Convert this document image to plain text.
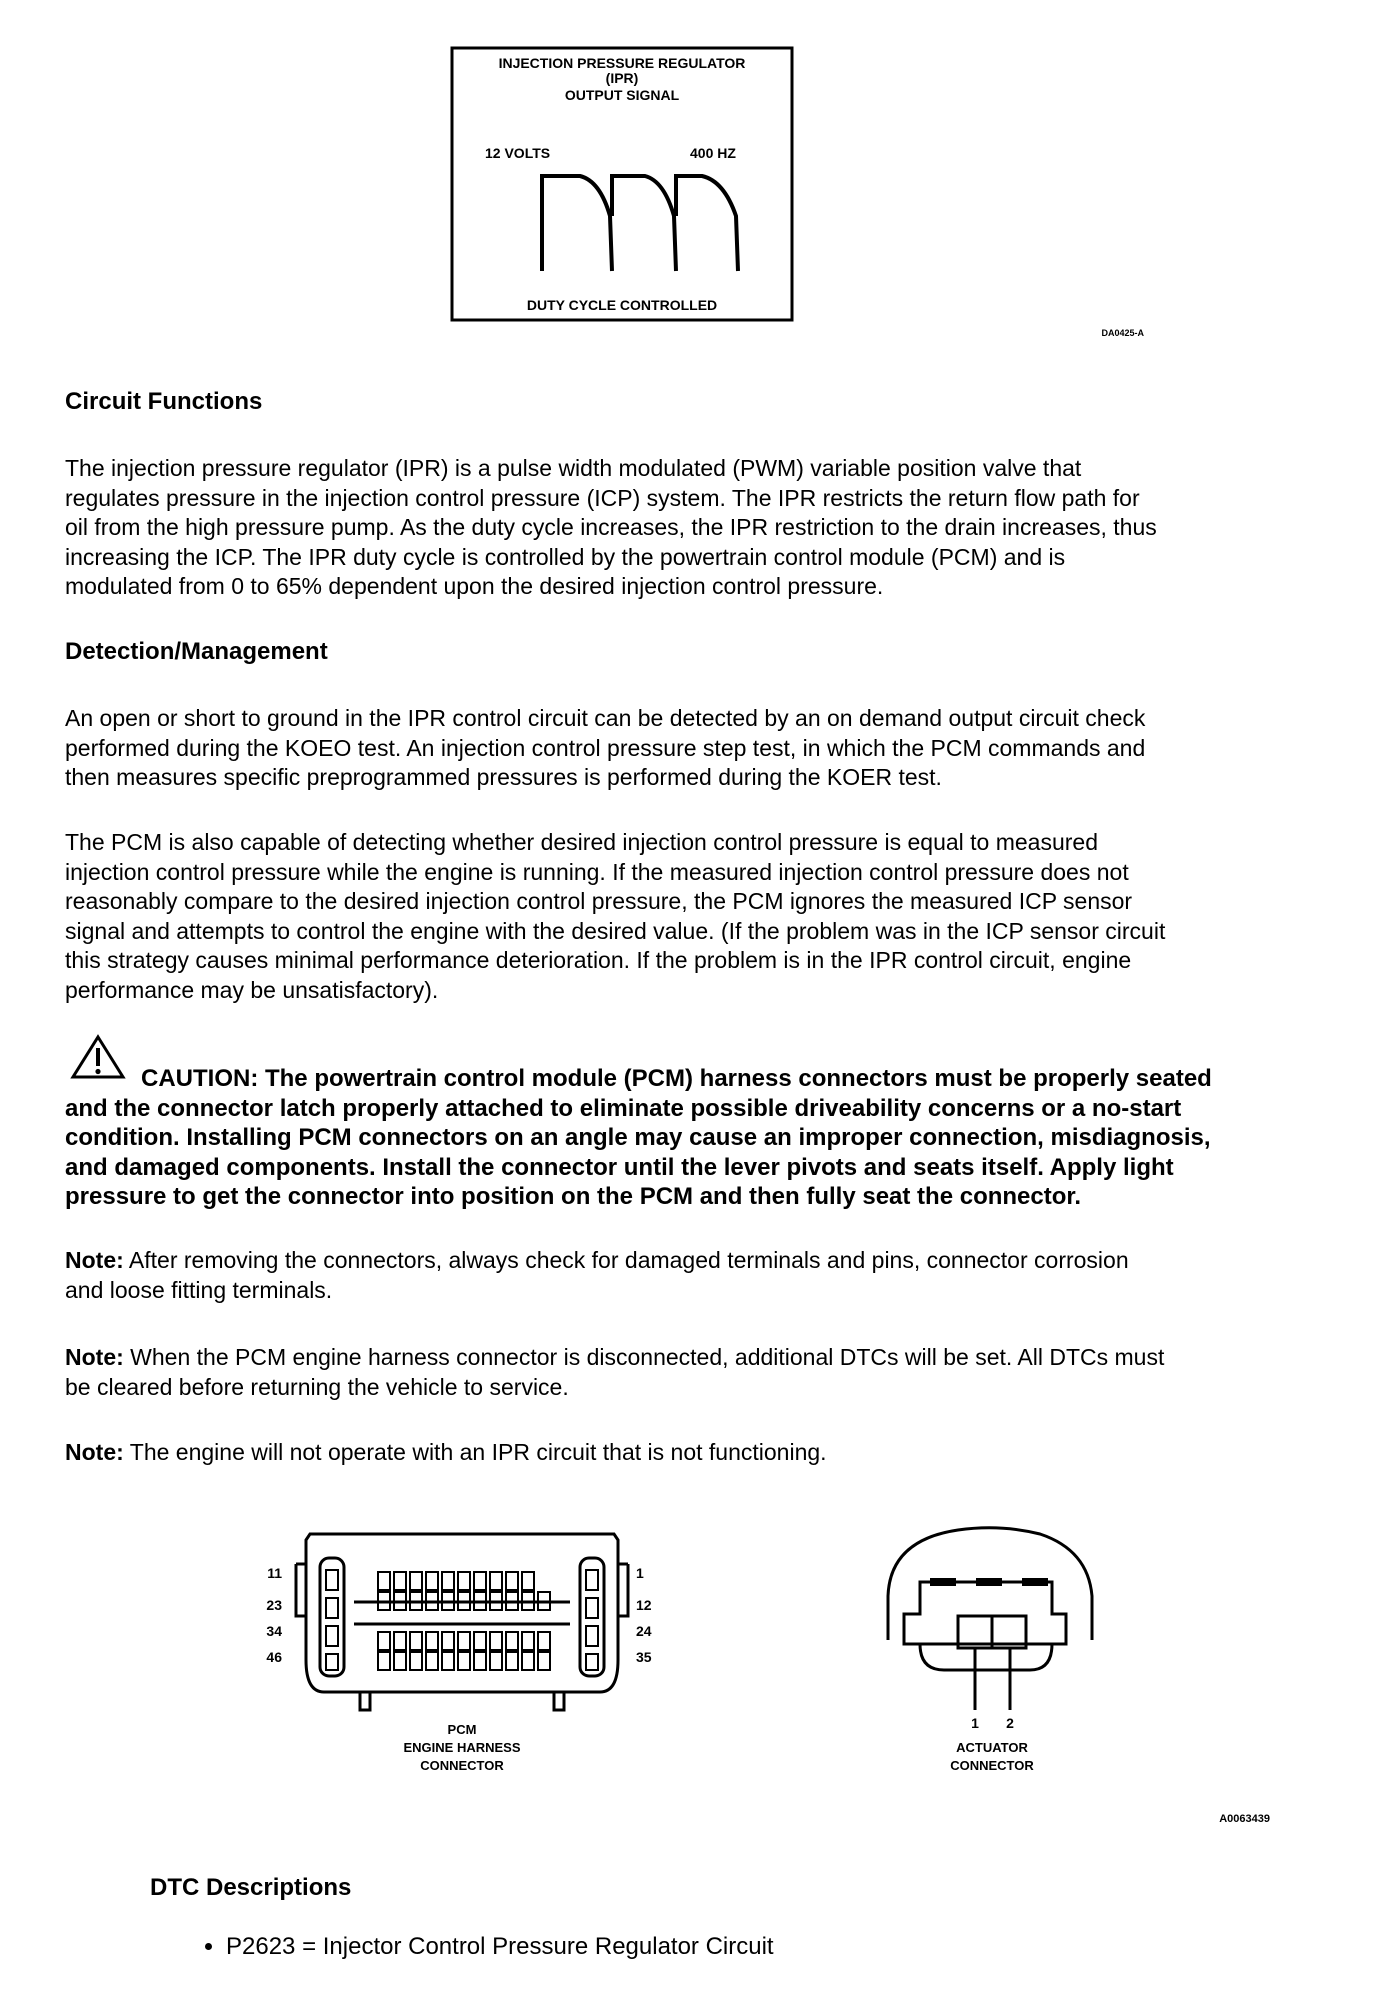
INJECTION PRESSURE REGULATOR
(IPR)
OUTPUT SIGNAL
12 VOLTS	400 HZ
DUTY CYCLE CONTROLLED
DA0425-A
Circuit Functions
The injection pressure regulator (IPR) is a pulse width modulated (PWM) variable position valve that
regulates pressure in the injection control pressure (ICP) system. The IPR restricts the return flow path for
oil from the high pressure pump. As the duty cycle increases, the IPR restriction to the drain increases, thus
increasing the ICP. The IPR duty cycle is controlled by the powertrain control module (PCM) and is
modulated from 0 to 65% dependent upon the desired injection control pressure.
Detection/Management
An open or short to ground in the IPR control circuit can be detected by an on demand output circuit check
performed during the KOEO test. An injection control pressure step test, in which the PCM commands and
then measures specific preprogrammed pressures is performed during the KOER test.
The PCM is also capable of detecting whether desired injection control pressure is equal to measured
injection control pressure while the engine is running. If the measured injection control pressure does not
reasonably compare to the desired injection control pressure, the PCM ignores the measured ICP sensor
signal and attempts to control the engine with the desired value. (If the problem was in the ICP sensor circuit
this strategy causes minimal performance deterioration. If the problem is in the IPR control circuit, engine
performance may be unsatisfactory).
CAUTION: The powertrain control module (PCM) harness connectors must be properly seated
and the connector latch properly attached to eliminate possible driveability concerns or a no-start
condition. Installing PCM connectors on an angle may cause an improper connection, misdiagnosis,
and damaged components. Install the connector until the lever pivots and seats itself. Apply light
pressure to get the connector into position on the PCM and then fully seat the connector.
Note: After removing the connectors, always check for damaged terminals and pins, connector corrosion
and loose fitting terminals.
Note: When the PCM engine harness connector is disconnected, additional DTCs will be set. All DTCs must
be cleared before returning the vehicle to service.
Note: The engine will not operate with an IPR circuit that is not functioning.
11
23
34
46
1
12
24
35
PCM
ENGINE HARNESS
CONNECTOR
1 2
ACTUATOR
CONNECTOR
A0063439
DTC Descriptions
• P2623 = Injector Control Pressure Regulator Circuit
